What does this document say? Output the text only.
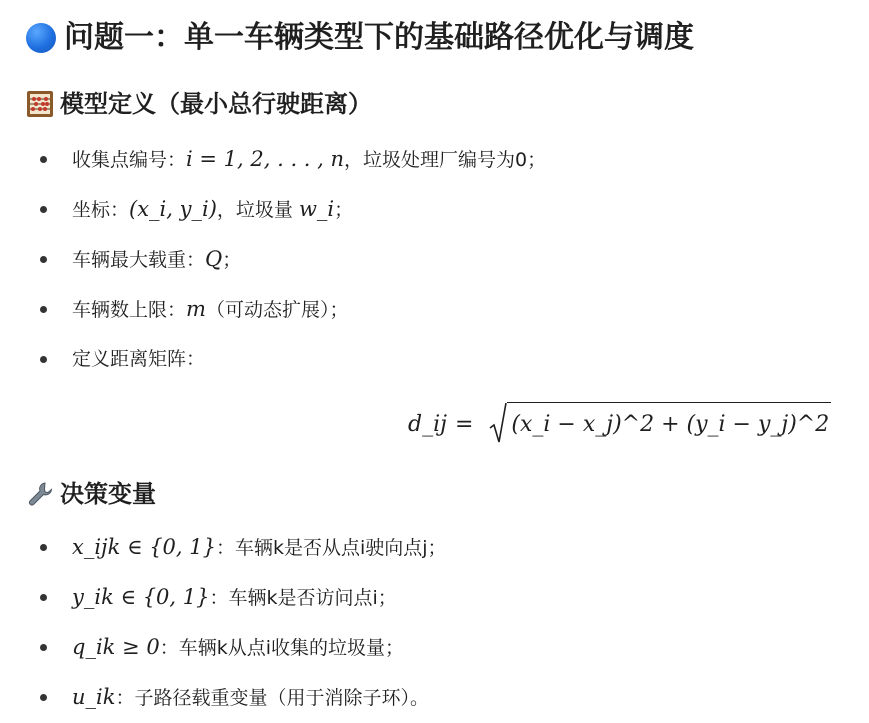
问题一：单一车辆类型下的基础路径优化与调度
模型定义（最小总行驶距离）
收集点编号：i = 1, 2, . . . , n，垃圾处理厂编号为0；
坐标：(x_i, y_i)，垃圾量 w_i；
车辆最大载重：Q；
车辆数上限：m（可动态扩展）；
定义距离矩阵：
d_ij = (x_i − x_j)^2 + (y_i − y_j)^2
决策变量
x_ijk ∈ {0, 1}：车辆k是否从点i驶向点j；
y_ik ∈ {0, 1}：车辆k是否访问点i；
q_ik ≥ 0：车辆k从点i收集的垃圾量；
u_ik：子路径载重变量（用于消除子环）。
